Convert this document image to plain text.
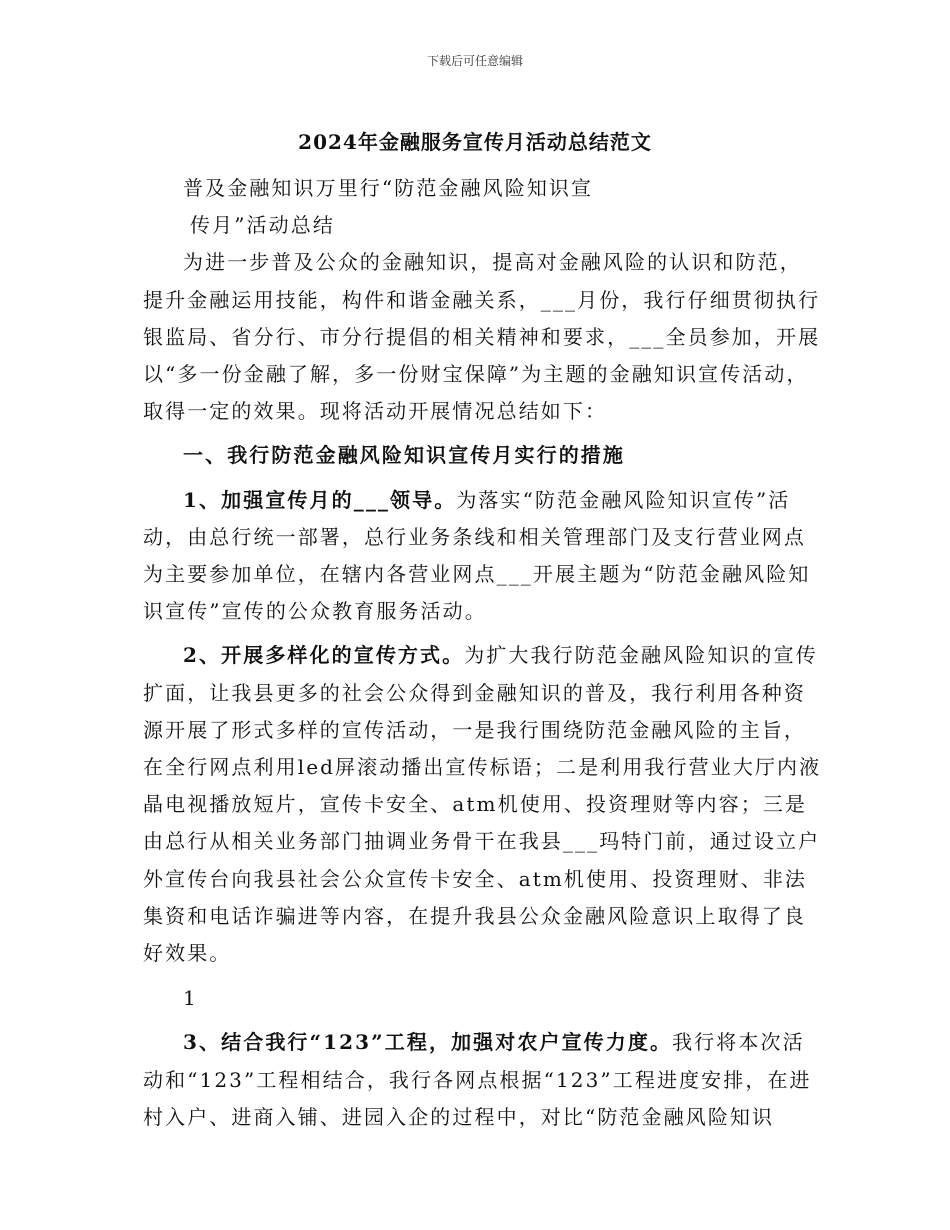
下载后可任意编辑
2024年金融服务宣传月活动总结范文

普及金融知识万里行“防范金融风险知识宣

传月”活动总结

为进一步普及公众的金融知识，提高对金融风险的认识和防范，提升金融运用技能，构件和谐金融关系，___月份，我行仔细贯彻执行银监局、省分行、市分行提倡的相关精神和要求，___全员参加，开展以“多一份金融了解，多一份财宝保障”为主题的金融知识宣传活动，取得一定的效果。现将活动开展情况总结如下：

一、我行防范金融风险知识宣传月实行的措施

1、加强宣传月的___领导。为落实“防范金融风险知识宣传”活动，由总行统一部署，总行业务条线和相关管理部门及支行营业网点为主要参加单位，在辖内各营业网点___开展主题为“防范金融风险知识宣传”宣传的公众教育服务活动。

2、开展多样化的宣传方式。为扩大我行防范金融风险知识的宣传扩面，让我县更多的社会公众得到金融知识的普及，我行利用各种资源开展了形式多样的宣传活动，一是我行围绕防范金融风险的主旨，在全行网点利用led屏滚动播出宣传标语；二是利用我行营业大厅内液晶电视播放短片，宣传卡安全、atm机使用、投资理财等内容；三是由总行从相关业务部门抽调业务骨干在我县___玛特门前，通过设立户外宣传台向我县社会公众宣传卡安全、atm机使用、投资理财、非法集资和电话诈骗进等内容，在提升我县公众金融风险意识上取得了良好效果。

1

3、结合我行“123”工程，加强对农户宣传力度。我行将本次活动和“123”工程相结合，我行各网点根据“123”工程进度安排，在进村入户、进商入铺、进园入企的过程中，对比“防范金融风险知识
